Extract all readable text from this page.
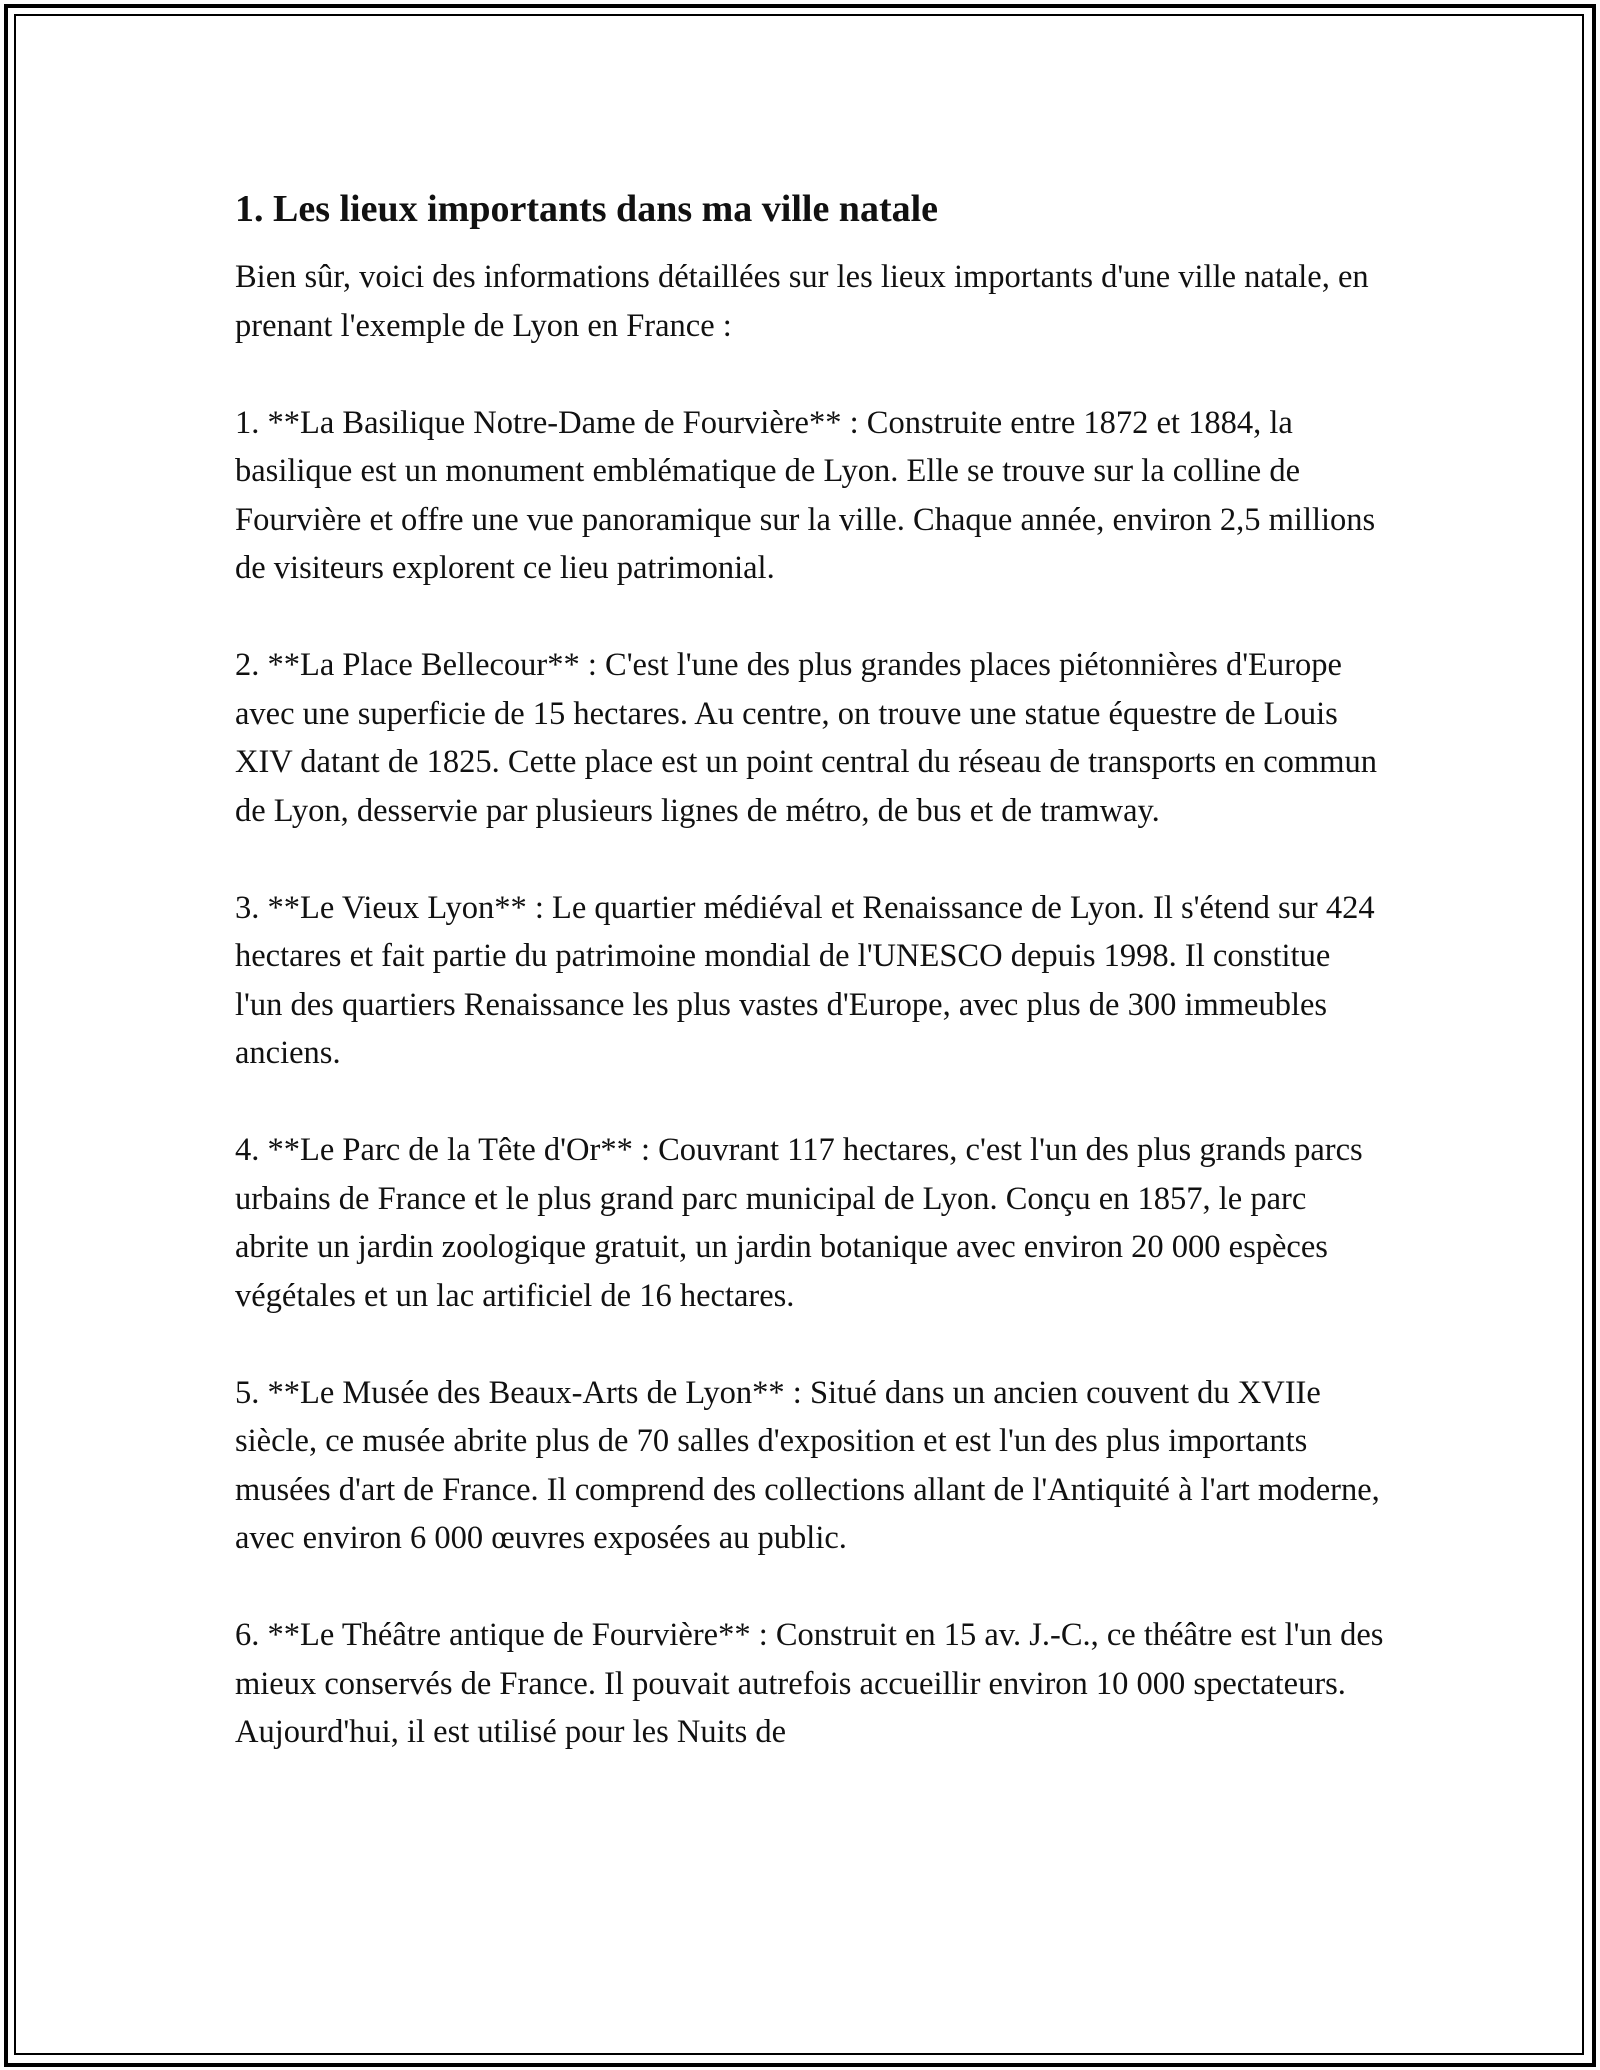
1. Les lieux importants dans ma ville natale

Bien sûr, voici des informations détaillées sur les lieux importants d'une ville natale, en prenant l'exemple de Lyon en France :

1. **La Basilique Notre-Dame de Fourvière** : Construite entre 1872 et 1884, la basilique est un monument emblématique de Lyon. Elle se trouve sur la colline de Fourvière et offre une vue panoramique sur la ville. Chaque année, environ 2,5 millions de visiteurs explorent ce lieu patrimonial.

2. **La Place Bellecour** : C'est l'une des plus grandes places piétonnières d'Europe avec une superficie de 15 hectares. Au centre, on trouve une statue équestre de Louis XIV datant de 1825. Cette place est un point central du réseau de transports en commun de Lyon, desservie par plusieurs lignes de métro, de bus et de tramway.

3. **Le Vieux Lyon** : Le quartier médiéval et Renaissance de Lyon. Il s'étend sur 424 hectares et fait partie du patrimoine mondial de l'UNESCO depuis 1998. Il constitue l'un des quartiers Renaissance les plus vastes d'Europe, avec plus de 300 immeubles anciens.

4. **Le Parc de la Tête d'Or** : Couvrant 117 hectares, c'est l'un des plus grands parcs urbains de France et le plus grand parc municipal de Lyon. Conçu en 1857, le parc abrite un jardin zoologique gratuit, un jardin botanique avec environ 20 000 espèces végétales et un lac artificiel de 16 hectares.

5. **Le Musée des Beaux-Arts de Lyon** : Situé dans un ancien couvent du XVIIe siècle, ce musée abrite plus de 70 salles d'exposition et est l'un des plus importants musées d'art de France. Il comprend des collections allant de l'Antiquité à l'art moderne, avec environ 6 000 œuvres exposées au public.

6. **Le Théâtre antique de Fourvière** : Construit en 15 av. J.-C., ce théâtre est l'un des mieux conservés de France. Il pouvait autrefois accueillir environ 10 000 spectateurs. Aujourd'hui, il est utilisé pour les Nuits de
